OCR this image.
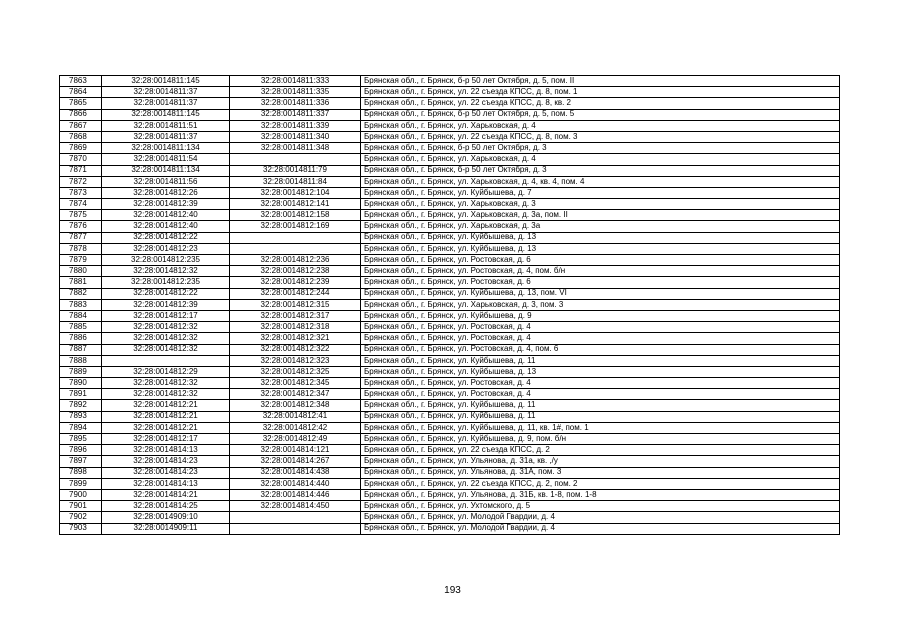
7863	32:28:0014811:145	32:28:0014811:333	Брянская обл., г. Брянск, б-р 50 лет Октября, д. 5, пом. II
7864	32:28:0014811:37	32:28:0014811:335	Брянская обл., г. Брянск, ул. 22 съезда КПСС, д. 8, пом. 1
7865	32:28:0014811:37	32:28:0014811:336	Брянская обл., г. Брянск, ул. 22 съезда КПСС, д. 8, кв. 2
7866	32:28:0014811:145	32:28:0014811:337	Брянская обл., г. Брянск, б-р 50 лет Октября, д. 5, пом. 5
7867	32:28:0014811:51	32:28:0014811:339	Брянская обл., г. Брянск, ул. Харьковская, д. 4
7868	32:28:0014811:37	32:28:0014811:340	Брянская обл., г. Брянск, ул. 22 съезда КПСС, д. 8, пом. 3
7869	32:28:0014811:134	32:28:0014811:348	Брянская обл., г. Брянск, б-р 50 лет Октября, д. 3
7870	32:28:0014811:54		Брянская обл., г. Брянск, ул. Харьковская, д. 4
7871	32:28:0014811:134	32:28:0014811:79	Брянская обл., г. Брянск, б-р 50 лет Октября, д. 3
7872	32:28:0014811:56	32:28:0014811:84	Брянская обл., г. Брянск, ул. Харьковская, д. 4, кв. 4, пом. 4
7873	32:28:0014812:26	32:28:0014812:104	Брянская обл., г. Брянск, ул. Куйбышева, д. 7
7874	32:28:0014812:39	32:28:0014812:141	Брянская обл., г. Брянск, ул. Харьковская, д. 3
7875	32:28:0014812:40	32:28:0014812:158	Брянская обл., г. Брянск, ул. Харьковская, д. 3а, пом. II
7876	32:28:0014812:40	32:28:0014812:169	Брянская обл., г. Брянск, ул. Харьковская, д. 3а
7877	32:28:0014812:22		Брянская обл., г. Брянск, ул. Куйбышева, д. 13
7878	32:28:0014812:23		Брянская обл., г. Брянск, ул. Куйбышева, д. 13
7879	32:28:0014812:235	32:28:0014812:236	Брянская обл., г. Брянск, ул. Ростовская, д. 6
7880	32:28:0014812:32	32:28:0014812:238	Брянская обл., г. Брянск, ул. Ростовская, д. 4, пом. б/н
7881	32:28:0014812:235	32:28:0014812:239	Брянская обл., г. Брянск, ул. Ростовская, д. 6
7882	32:28:0014812:22	32:28:0014812:244	Брянская обл., г. Брянск, ул. Куйбышева, д. 13, пом. VI
7883	32:28:0014812:39	32:28:0014812:315	Брянская обл., г. Брянск, ул. Харьковская, д. 3, пом. 3
7884	32:28:0014812:17	32:28:0014812:317	Брянская обл., г. Брянск, ул. Куйбышева, д. 9
7885	32:28:0014812:32	32:28:0014812:318	Брянская обл., г. Брянск, ул. Ростовская, д. 4
7886	32:28:0014812:32	32:28:0014812:321	Брянская обл., г. Брянск, ул. Ростовская, д. 4
7887	32:28:0014812:32	32:28:0014812:322	Брянская обл., г. Брянск, ул. Ростовская, д. 4, пом. 6
7888		32:28:0014812:323	Брянская обл., г. Брянск, ул. Куйбышева, д. 11
7889	32:28:0014812:29	32:28:0014812:325	Брянская обл., г. Брянск, ул. Куйбышева, д. 13
7890	32:28:0014812:32	32:28:0014812:345	Брянская обл., г. Брянск, ул. Ростовская, д. 4
7891	32:28:0014812:32	32:28:0014812:347	Брянская обл., г. Брянск, ул. Ростовская, д. 4
7892	32:28:0014812:21	32:28:0014812:348	Брянская обл., г. Брянск, ул. Куйбышева, д. 11
7893	32:28:0014812:21	32:28:0014812:41	Брянская обл., г. Брянск, ул. Куйбышева, д. 11
7894	32:28:0014812:21	32:28:0014812:42	Брянская обл., г. Брянск, ул. Куйбышева, д. 11, кв. 1#, пом. 1
7895	32:28:0014812:17	32:28:0014812:49	Брянская обл., г. Брянск, ул. Куйбышева, д. 9, пом. б/н
7896	32:28:0014814:13	32:28:0014814:121	Брянская обл., г. Брянск, ул. 22 съезда КПСС, д. 2
7897	32:28:0014814:23	32:28:0014814:267	Брянская обл., г. Брянск, ул. Ульянова, д. 31а, кв. ,/у
7898	32:28:0014814:23	32:28:0014814:438	Брянская обл., г. Брянск, ул. Ульянова, д. 31А, пом. 3
7899	32:28:0014814:13	32:28:0014814:440	Брянская обл., г. Брянск, ул. 22 съезда КПСС, д. 2, пом. 2
7900	32:28:0014814:21	32:28:0014814:446	Брянская обл., г. Брянск, ул. Ульянова, д. 31Б, кв. 1-8, пом. 1-8
7901	32:28:0014814:25	32:28:0014814:450	Брянская обл., г. Брянск, ул. Ухтомского, д. 5
7902	32:28:0014909:10		Брянская обл., г. Брянск, ул. Молодой Гвардии, д. 4
7903	32:28:0014909:11		Брянская обл., г. Брянск, ул. Молодой Гвардии, д. 4
193
